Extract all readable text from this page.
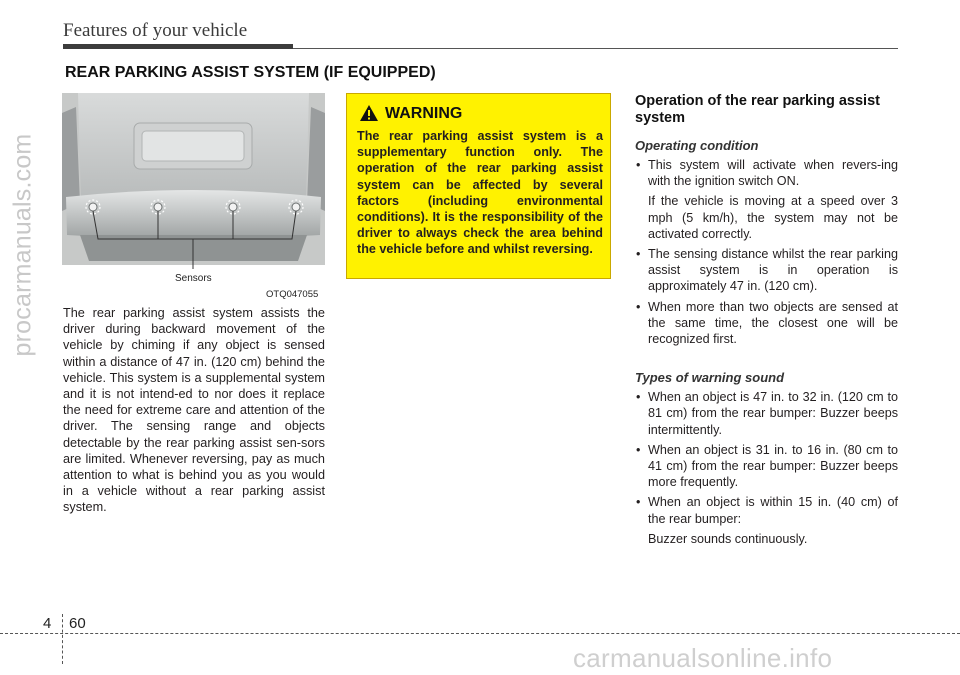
Features of your vehicle
REAR PARKING ASSIST SYSTEM (IF EQUIPPED)
procarmanuals.com	Sensors
OTQ047055
The rear parking assist system assists the driver during backward movement of the vehicle by chiming if any object is sensed within a distance of 47 in. (120 cm) behind the vehicle. This system is a supplemental system and it is not intend-ed to nor does it replace the need for extreme care and attention of the driver. The sensing range and objects detectable by the rear parking assist sen-sors are limited. Whenever reversing, pay as much attention to what is behind you as you would in a vehicle without a rear parking assist system.
WARNING
The rear parking assist system is a supplementary function only. The operation of the rear parking assist system can be affected by several factors (including environmental conditions). It is the responsibility of the driver to always check the area behind the vehicle before and whilst reversing.
Operation of the rear parking assist system
Operating condition
• This system will activate when revers-ing with the ignition switch ON.
If the vehicle is moving at a speed over 3 mph (5 km/h), the system may not be activated correctly.
• The sensing distance whilst the rear parking assist system is in operation is approximately 47 in. (120 cm).
• When more than two objects are sensed at the same time, the closest one will be recognized first.
Types of warning sound
• When an object is 47 in. to 32 in. (120 cm to 81 cm) from the rear bumper: Buzzer beeps intermittently.
• When an object is 31 in. to 16 in. (80 cm to 41 cm) from the rear bumper: Buzzer beeps more frequently.
• When an object is within 15 in. (40 cm) of the rear bumper:
Buzzer sounds continuously.
4 60
carmanualsonline.info
